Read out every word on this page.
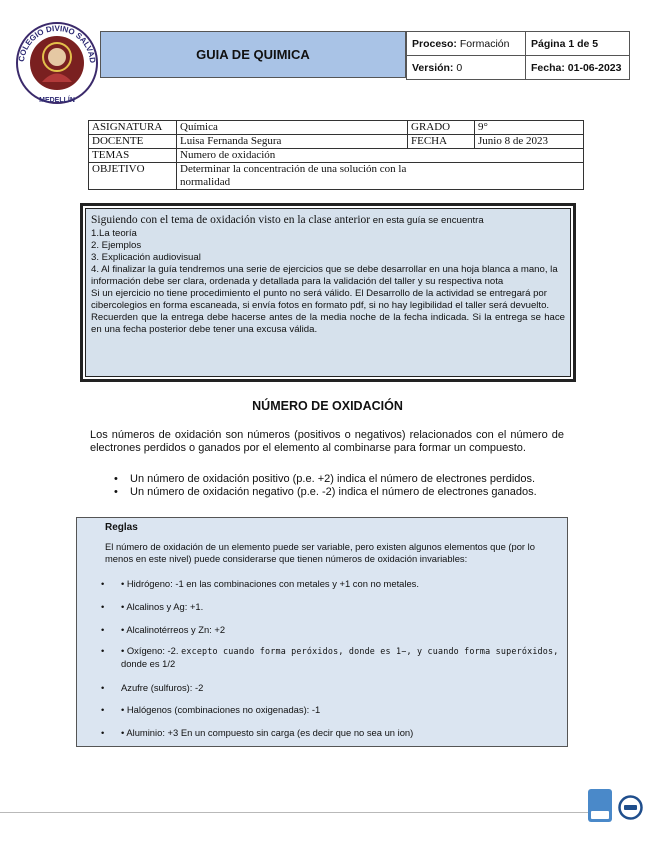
COLEGIO DIVINO SALVAD
MEDELLÍN
GUIA DE QUIMICA
Proceso: Formación	Página 1 de 5
Versión: 0	Fecha: 01-06-2023
ASIGNATURA	Química	GRADO	9°
DOCENTE	Luisa Fernanda Segura	FECHA	Junio 8 de 2023
TEMAS	Numero de oxidación		
OBJETIVO	Determinar la concentración de una solución con la normalidad		

Siguiendo con el tema de oxidación visto en la clase anterior en esta guía se encuentra

1.La teoría

2. Ejemplos

3. Explicación audiovisual

4. Al finalizar la guía tendremos una serie de ejercicios que se debe desarrollar en una hoja blanca a mano, la información debe ser clara, ordenada y detallada para la validación del taller y su respectiva nota

Si un ejercicio no tiene procedimiento el punto no será válido. El Desarrollo de la actividad se entregará por cibercolegios en forma escaneada, si envía fotos en formato pdf, si no hay legibilidad el taller será devuelto.

Recuerden que la entrega debe hacerse antes de la media noche de la fecha indicada. Si la entrega se hace en una fecha posterior debe tener una excusa válida.

NÚMERO DE OXIDACIÓN
Los números de oxidación son números (positivos o negativos) relacionados con el número de electrones perdidos o ganados por el elemento al combinarse para formar un compuesto.
• Un número de oxidación positivo (p.e. +2) indica el número de electrones perdidos.
• Un número de oxidación negativo (p.e. -2) indica el número de electrones ganados.
Reglas
El número de oxidación de un elemento puede ser variable, pero existen algunos elementos que (por lo menos en este nivel) puede considerarse que tienen números de oxidación invariables:
•	• Hidrógeno: -1 en las combinaciones con metales y +1 con no metales.
•	• Alcalinos y Ag: +1.
•	• Alcalinotérreos y Zn: +2
•	• Oxígeno: -2. excepto cuando forma peróxidos, donde es 1−, y cuando forma superóxidos,
donde es 1/2
•	Azufre (sulfuros): -2
•	• Halógenos (combinaciones no oxigenadas): -1
•	• Aluminio: +3 En un compuesto sin carga (es decir que no sea un ion)
